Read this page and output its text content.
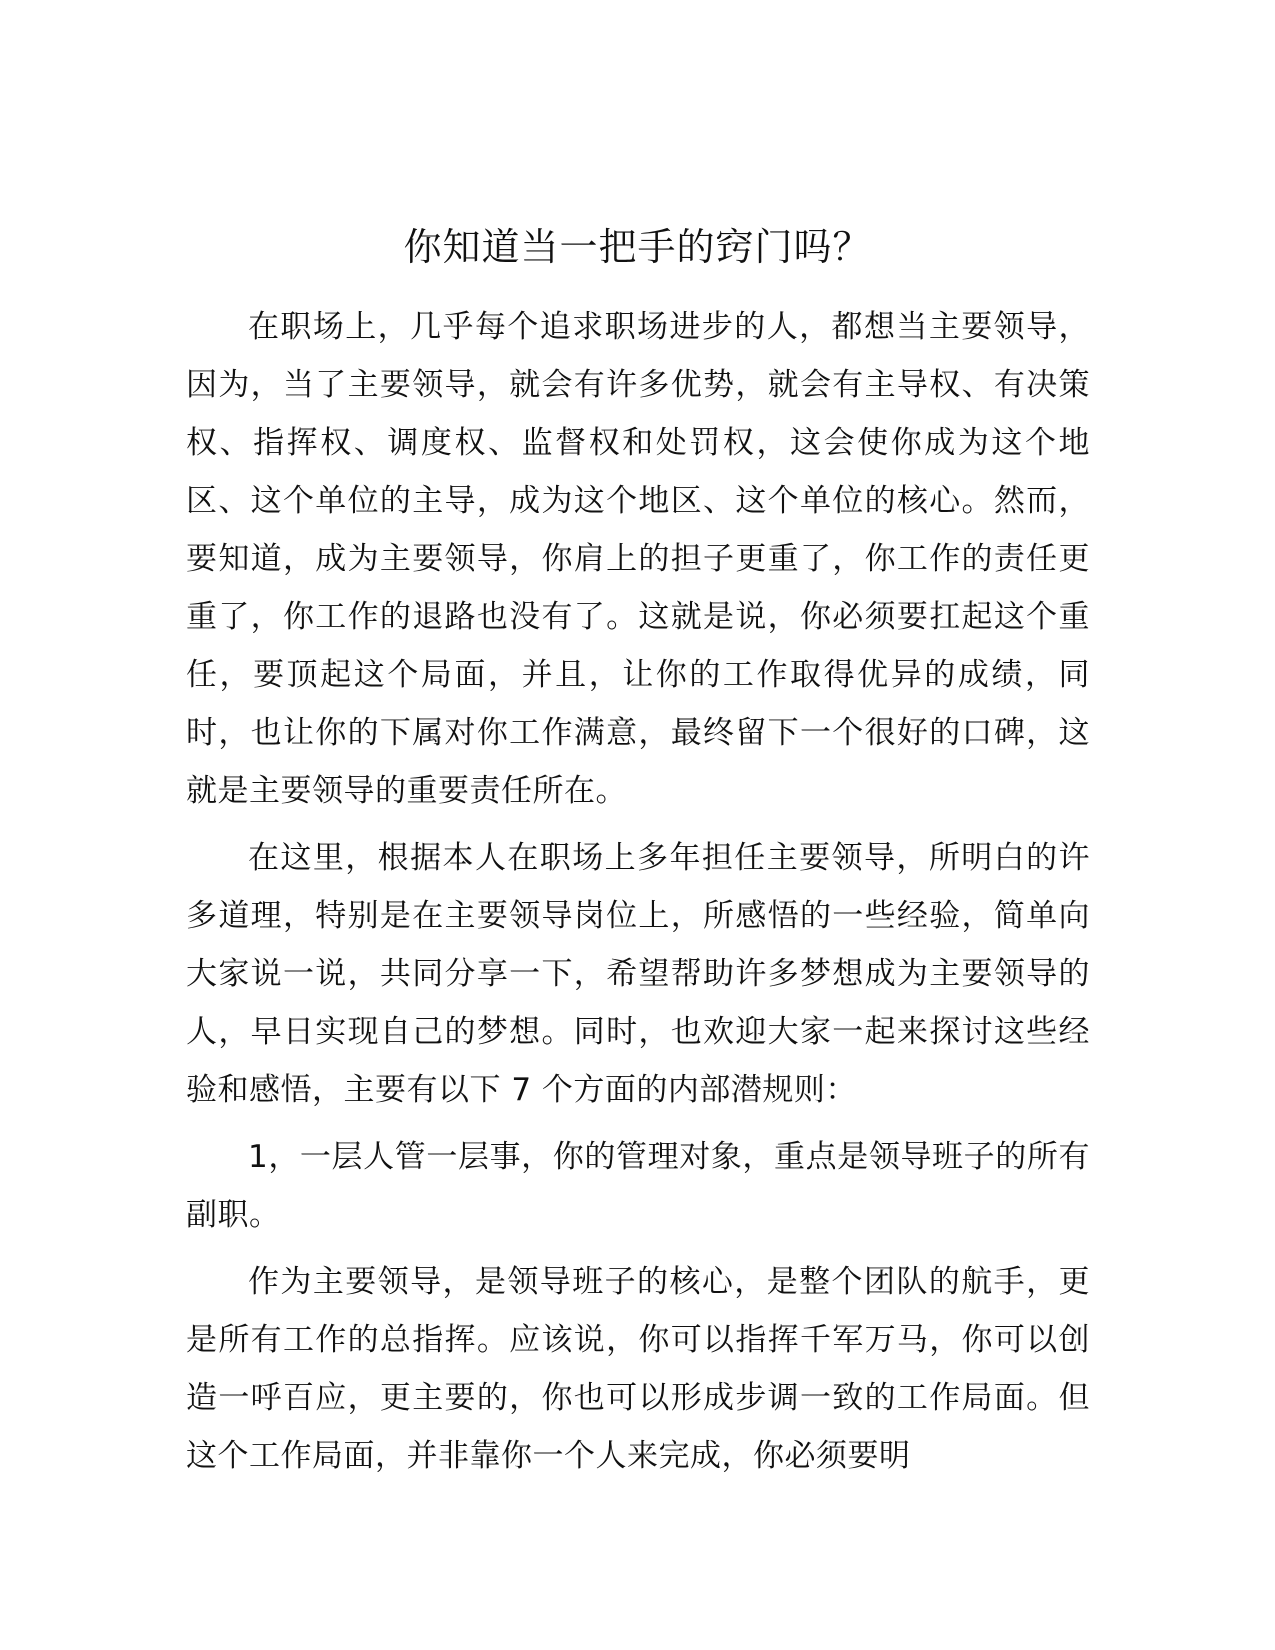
你知道当一把手的窍门吗？

在职场上，几乎每个追求职场进步的人，都想当主要领导，因为，当了主要领导，就会有许多优势，就会有主导权、有决策权、指挥权、调度权、监督权和处罚权，这会使你成为这个地区、这个单位的主导，成为这个地区、这个单位的核心。然而，要知道，成为主要领导，你肩上的担子更重了，你工作的责任更重了，你工作的退路也没有了。这就是说，你必须要扛起这个重任，要顶起这个局面，并且，让你的工作取得优异的成绩，同时，也让你的下属对你工作满意，最终留下一个很好的口碑，这就是主要领导的重要责任所在。

在这里，根据本人在职场上多年担任主要领导，所明白的许多道理，特别是在主要领导岗位上，所感悟的一些经验，简单向大家说一说，共同分享一下，希望帮助许多梦想成为主要领导的人，早日实现自己的梦想。同时，也欢迎大家一起来探讨这些经验和感悟，主要有以下 7 个方面的内部潜规则：

1，一层人管一层事，你的管理对象，重点是领导班子的所有副职。

作为主要领导，是领导班子的核心，是整个团队的航手，更是所有工作的总指挥。应该说，你可以指挥千军万马，你可以创造一呼百应，更主要的，你也可以形成步调一致的工作局面。但这个工作局面，并非靠你一个人来完成，你必须要明
